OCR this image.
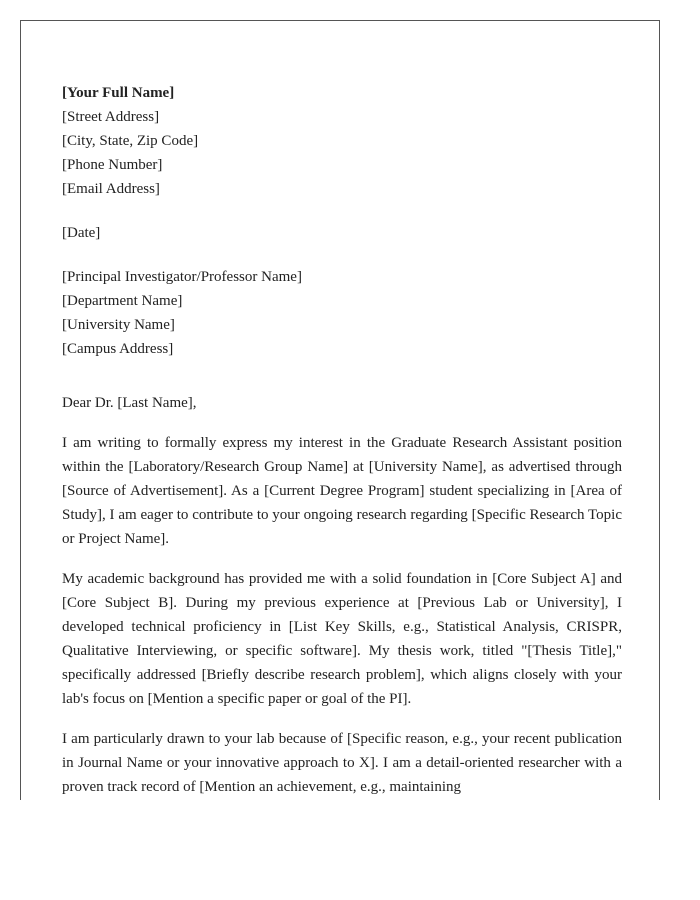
[Your Full Name]
[Street Address]
[City, State, Zip Code]
[Phone Number]
[Email Address]
[Date]
[Principal Investigator/Professor Name]
[Department Name]
[University Name]
[Campus Address]
Dear Dr. [Last Name],

I am writing to formally express my interest in the Graduate Research Assistant position within the [Laboratory/Research Group Name] at [University Name], as advertised through [Source of Advertisement]. As a [Current Degree Program] student specializing in [Area of Study], I am eager to contribute to your ongoing research regarding [Specific Research Topic or Project Name].

My academic background has provided me with a solid foundation in [Core Subject A] and [Core Subject B]. During my previous experience at [Previous Lab or University], I developed technical proficiency in [List Key Skills, e.g., Statistical Analysis, CRISPR, Qualitative Interviewing, or specific software]. My thesis work, titled "[Thesis Title]," specifically addressed [Briefly describe research problem], which aligns closely with your lab's focus on [Mention a specific paper or goal of the PI].

I am particularly drawn to your lab because of [Specific reason, e.g., your recent publication in Journal Name or your innovative approach to X]. I am a detail-oriented researcher with a proven track record of [Mention an achievement, e.g., maintaining
